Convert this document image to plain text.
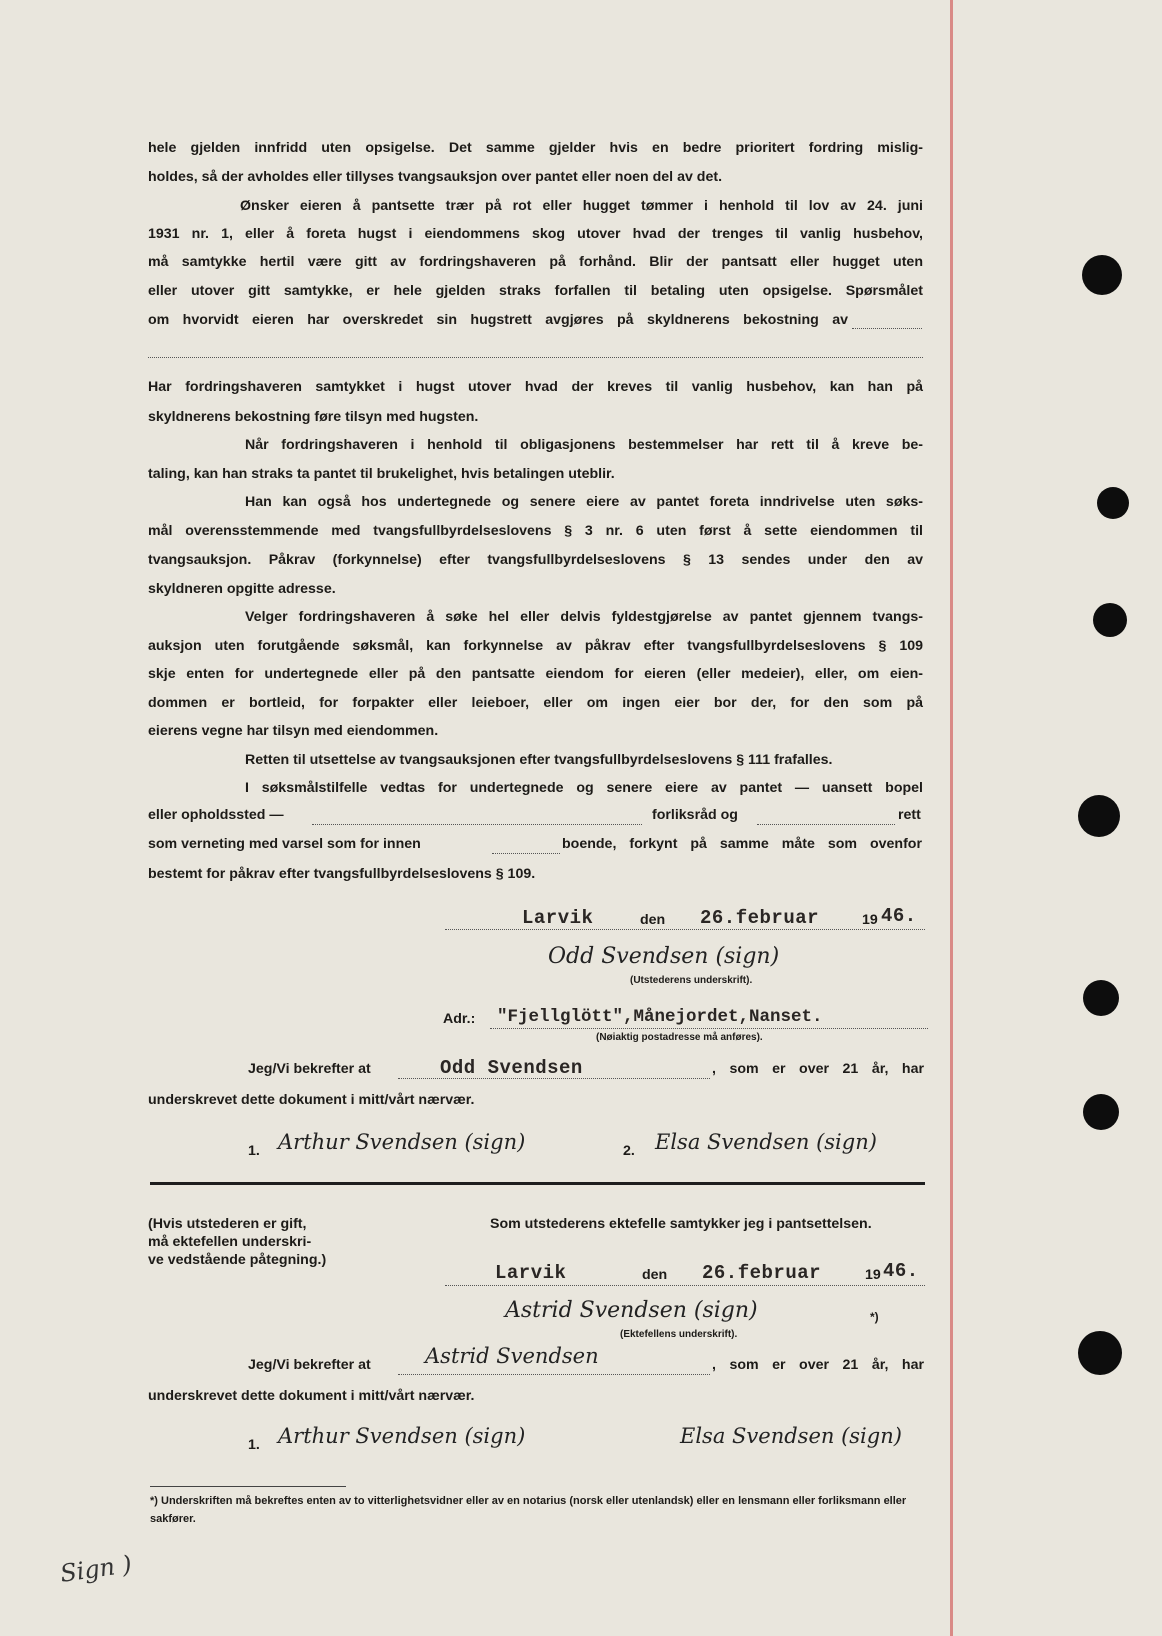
hele gjelden innfridd uten opsigelse. Det samme gjelder hvis en bedre prioritert fordring mislig-
holdes, så der avholdes eller tillyses tvangsauksjon over pantet eller noen del av det.
Ønsker eieren å pantsette trær på rot eller hugget tømmer i henhold til lov av 24. juni
1931 nr. 1, eller å foreta hugst i eiendommens skog utover hvad der trenges til vanlig husbehov,
må samtykke hertil være gitt av fordringshaveren på forhånd. Blir der pantsatt eller hugget uten
eller utover gitt samtykke, er hele gjelden straks forfallen til betaling uten opsigelse. Spørsmålet
om hvorvidt eieren har overskredet sin hugstrett avgjøres på skyldnerens bekostning av
Har fordringshaveren samtykket i hugst utover hvad der kreves til vanlig husbehov, kan han på
skyldnerens bekostning føre tilsyn med hugsten.
Når fordringshaveren i henhold til obligasjonens bestemmelser har rett til å kreve be-
taling, kan han straks ta pantet til brukelighet, hvis betalingen uteblir.
Han kan også hos undertegnede og senere eiere av pantet foreta inndrivelse uten søks-
mål overensstemmende med tvangsfullbyrdelseslovens § 3 nr. 6 uten først å sette eiendommen til
tvangsauksjon. Påkrav (forkynnelse) efter tvangsfullbyrdelseslovens § 13 sendes under den av
skyldneren opgitte adresse.
Velger fordringshaveren å søke hel eller delvis fyldestgjørelse av pantet gjennem tvangs-
auksjon uten forutgående søksmål, kan forkynnelse av påkrav efter tvangsfullbyrdelseslovens § 109
skje enten for undertegnede eller på den pantsatte eiendom for eieren (eller medeier), eller, om eien-
dommen er bortleid, for forpakter eller leieboer, eller om ingen eier bor der, for den som på
eierens vegne har tilsyn med eiendommen.
Retten til utsettelse av tvangsauksjonen efter tvangsfullbyrdelseslovens § 111 frafalles.
I søksmålstilfelle vedtas for undertegnede og senere eiere av pantet — uansett bopel
eller opholdssted —	forliksråd og	rett
som verneting med varsel som for innen	boende, forkynt på samme måte som ovenfor
bestemt for påkrav efter tvangsfullbyrdelseslovens § 109.
Larvik	den 26.februar	19 46.
Odd Svendsen (sign)
(Utstederens underskrift).
Adr.: "Fjellglött",Månejordet,Nanset.
(Nøiaktig postadresse må anføres).
Jeg/Vi bekrefter at	Odd Svendsen	, som er over 21 år, har
underskrevet dette dokument i mitt/vårt nærvær.
1. Arthur Svendsen (sign)	2. Elsa Svendsen (sign)
(Hvis utstederen er gift,
må ektefellen underskri-
ve vedstående påtegning.)
Som utstederens ektefelle samtykker jeg i pantsettelsen.
Larvik	den 26.februar	19 46.
Astrid Svendsen (sign)	*)
(Ektefellens underskrift).
Jeg/Vi bekrefter at	Astrid Svendsen	, som er over 21 år, har
underskrevet dette dokument i mitt/vårt nærvær.
1. Arthur Svendsen (sign)	Elsa Svendsen (sign)
*) Underskriften må bekreftes enten av to vitterlighetsvidner eller av en notarius (norsk eller utenlandsk) eller en lensmann eller forliksmann eller sakfører.
Sign )
